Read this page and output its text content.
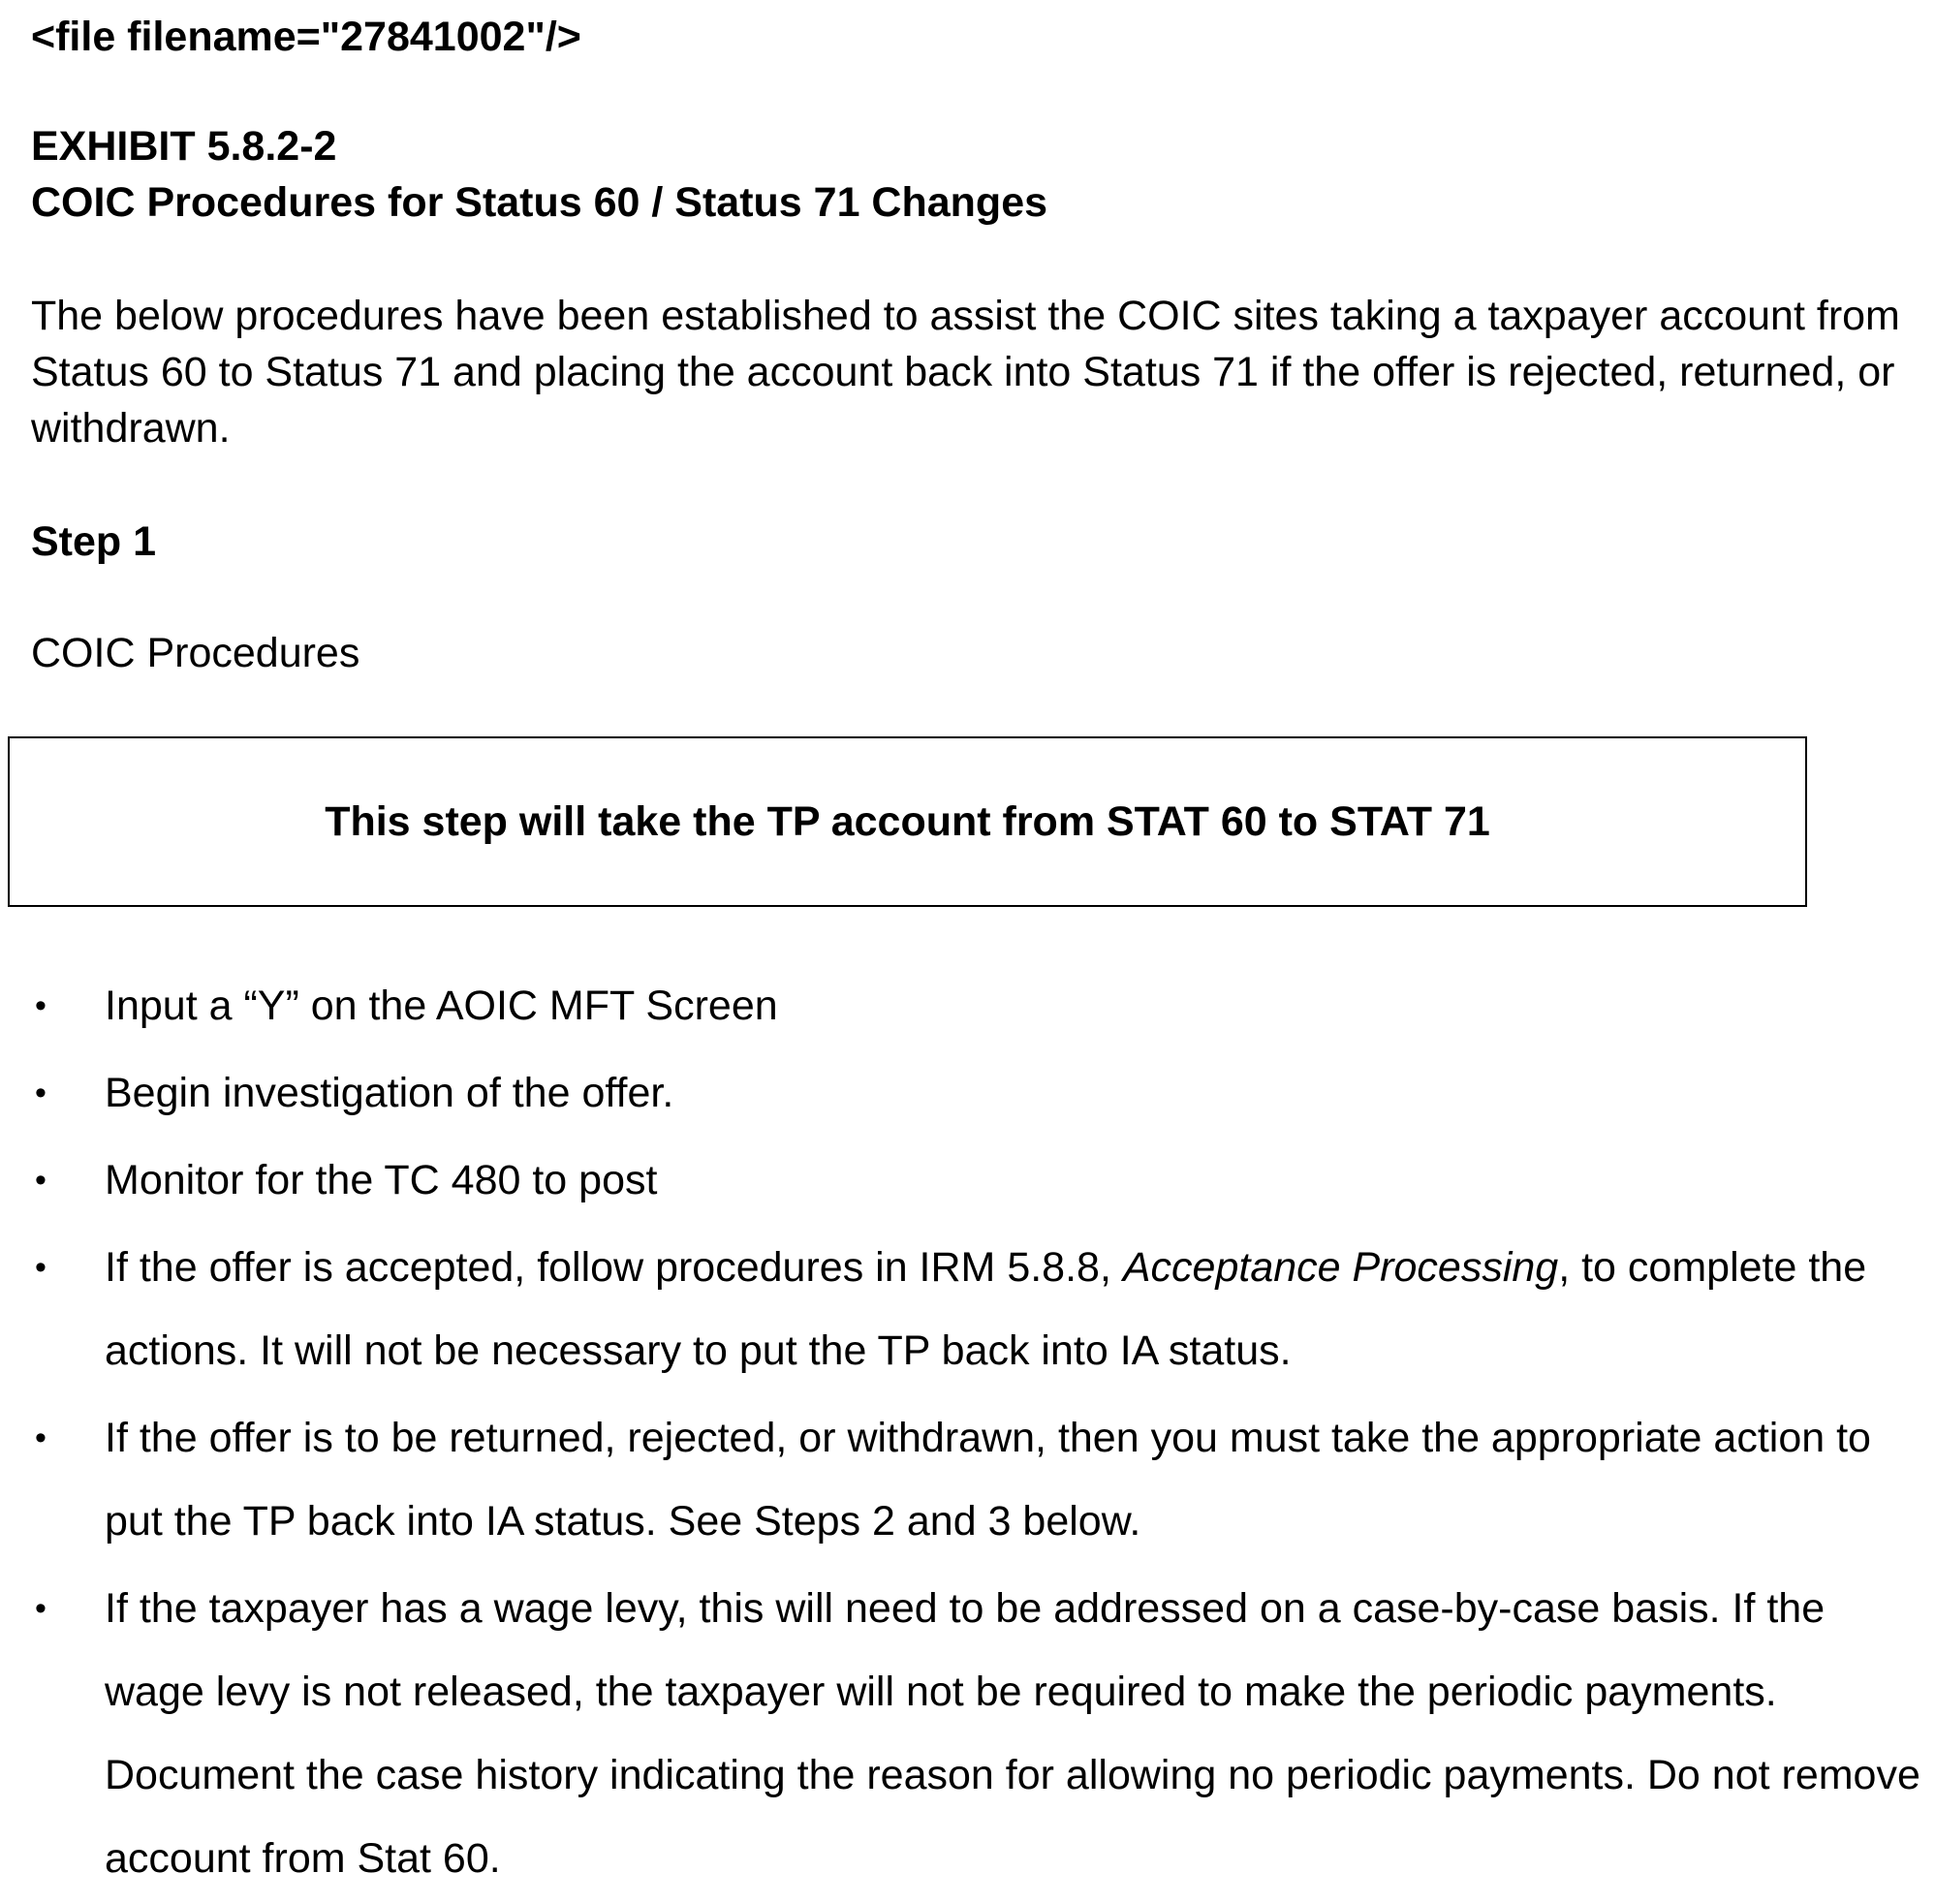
<file filename="27841002"/>
EXHIBIT 5.8.2-2
COIC Procedures for Status 60 / Status 71 Changes

The below procedures have been established to assist the COIC sites taking a taxpayer account from Status 60 to Status 71 and placing the account back into Status 71 if the offer is rejected, returned, or withdrawn.

Step 1
COIC Procedures
This step will take the TP account from STAT 60 to STAT 71
• Input a “Y” on the AOIC MFT Screen
• Begin investigation of the offer.
• Monitor for the TC 480 to post
• If the offer is accepted, follow procedures in IRM 5.8.8, Acceptance Processing, to complete the actions. It will not be necessary to put the TP back into IA status.
• If the offer is to be returned, rejected, or withdrawn, then you must take the appropriate action to put the TP back into IA status. See Steps 2 and 3 below.
• If the taxpayer has a wage levy, this will need to be addressed on a case-by-case basis. If the wage levy is not released, the taxpayer will not be required to make the periodic payments. Document the case history indicating the reason for allowing no periodic payments. Do not remove account from Stat 60.
